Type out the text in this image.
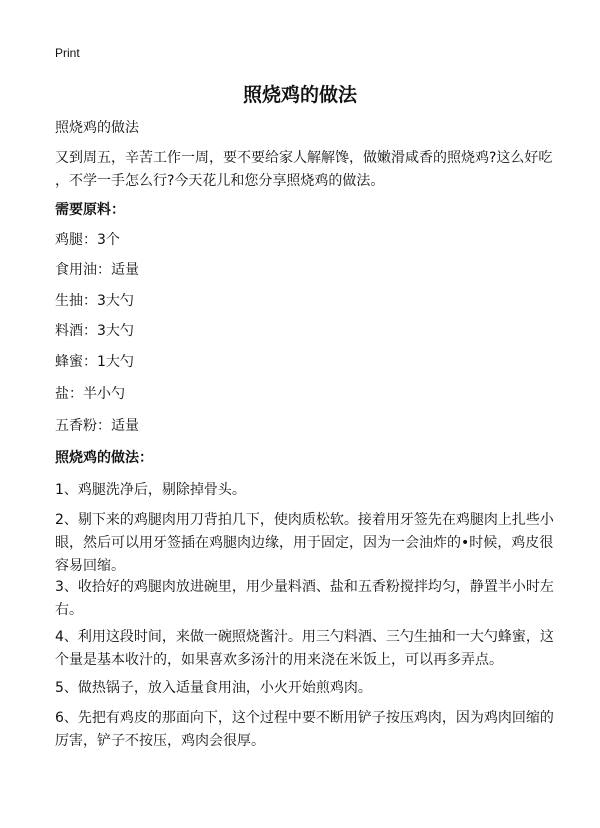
Print
照烧鸡的做法
照烧鸡的做法
又到周五，辛苦工作一周，要不要给家人解解馋，做嫩滑咸香的照烧鸡?这么好吃
，不学一手怎么行?今天花儿和您分享照烧鸡的做法。
需要原料：
鸡腿：3个
食用油：适量
生抽：3大勺
料酒：3大勺
蜂蜜：1大勺
盐：半小勺
五香粉：适量
照烧鸡的做法：
1、鸡腿洗净后，剔除掉骨头。
2、剔下来的鸡腿肉用刀背拍几下，使肉质松软。接着用牙签先在鸡腿肉上扎些小
眼，然后可以用牙签插在鸡腿肉边缘，用于固定，因为一会油炸的•时候，鸡皮很
容易回缩。
3、收拾好的鸡腿肉放进碗里，用少量料酒、盐和五香粉搅拌均匀，静置半小时左
右。
4、利用这段时间，来做一碗照烧酱汁。用三勺料酒、三勺生抽和一大勺蜂蜜，这
个量是基本收汁的，如果喜欢多汤汁的用来浇在米饭上，可以再多弄点。
5、做热锅子，放入适量食用油，小火开始煎鸡肉。
6、先把有鸡皮的那面向下，这个过程中要不断用铲子按压鸡肉，因为鸡肉回缩的
厉害，铲子不按压，鸡肉会很厚。
